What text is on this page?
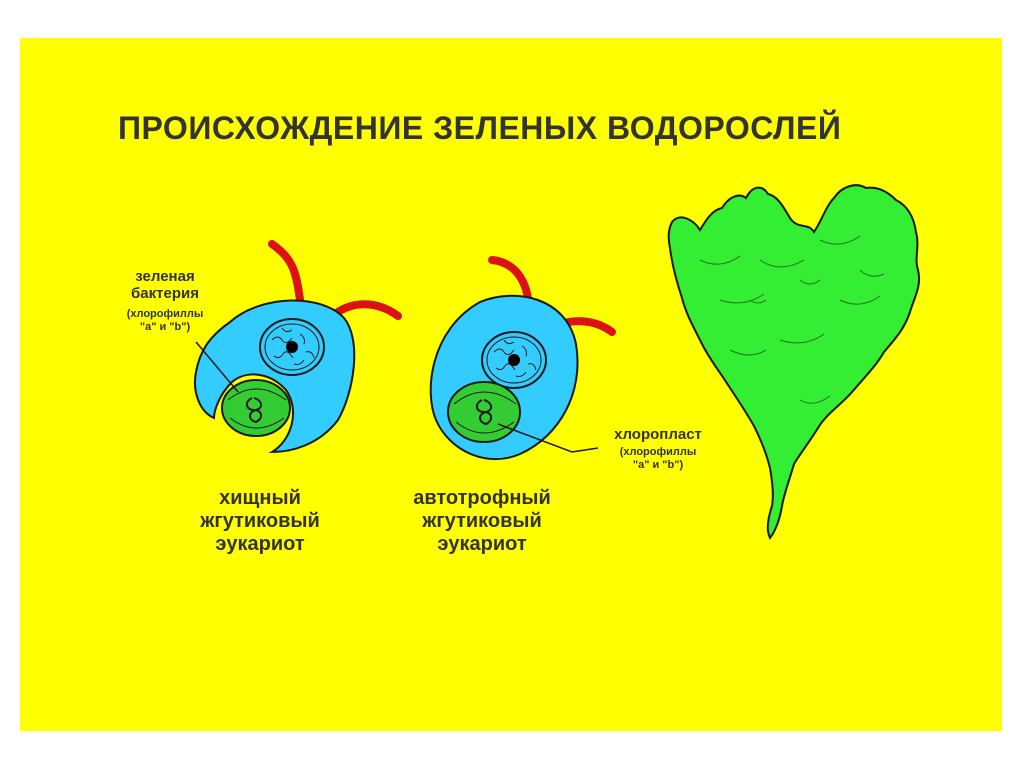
ПРОИСХОЖДЕНИЕ ЗЕЛЕНЫХ ВОДОРОСЛЕЙ
зеленая
бактерия
(хлорофиллы
"a" и "b")
хлоропласт
(хлорофиллы
"a" и "b")
хищный
жгутиковый
эукариот
автотрофный
жгутиковый
эукариот
